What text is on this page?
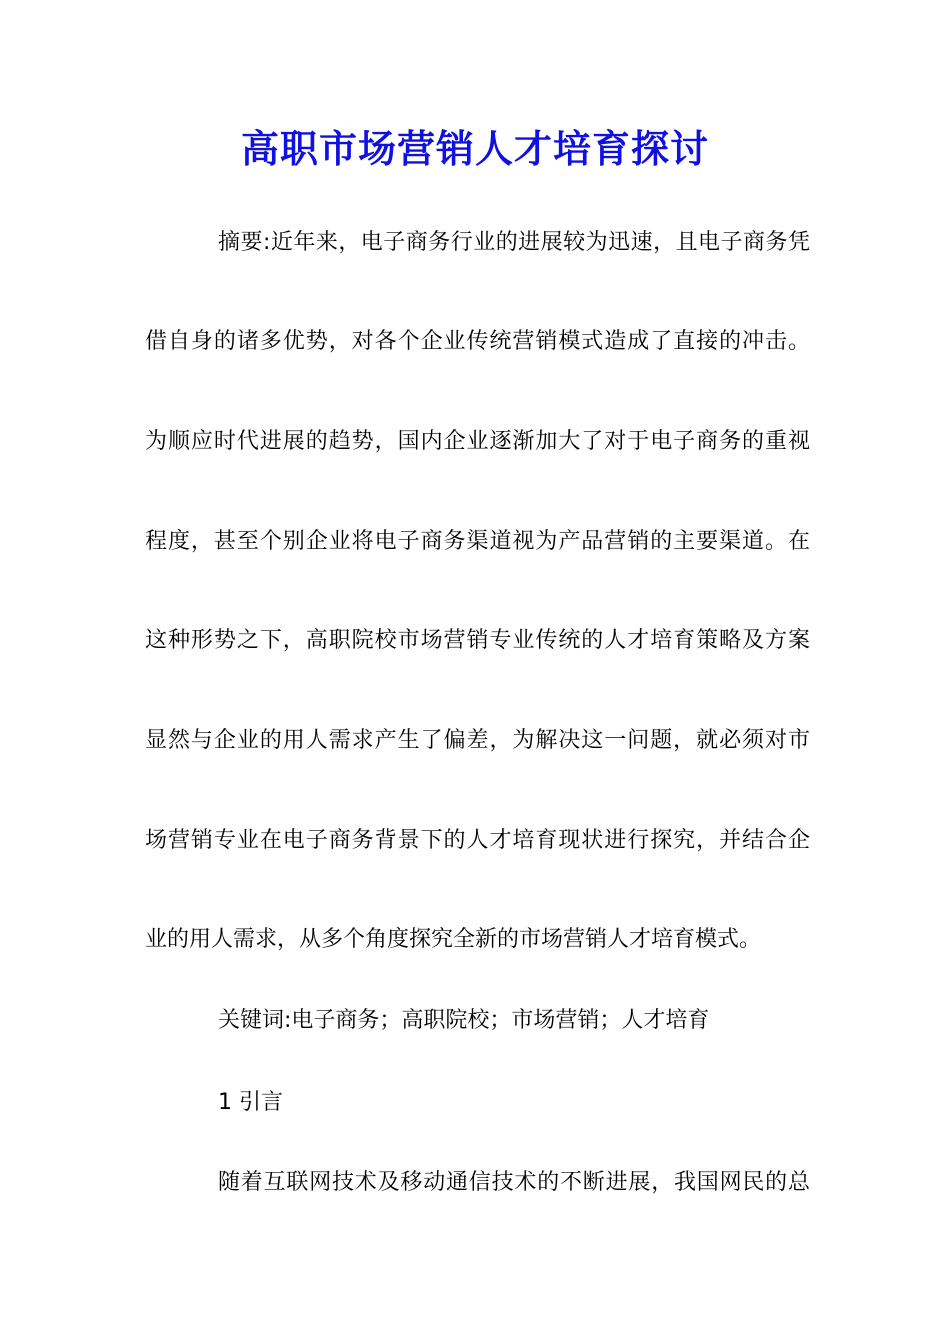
高职市场营销人才培育探讨
摘要:近年来，电子商务行业的进展较为迅速，且电子商务凭
借自身的诸多优势，对各个企业传统营销模式造成了直接的冲击。
为顺应时代进展的趋势，国内企业逐渐加大了对于电子商务的重视
程度，甚至个别企业将电子商务渠道视为产品营销的主要渠道。在
这种形势之下，高职院校市场营销专业传统的人才培育策略及方案
显然与企业的用人需求产生了偏差，为解决这一问题，就必须对市
场营销专业在电子商务背景下的人才培育现状进行探究，并结合企
业的用人需求，从多个角度探究全新的市场营销人才培育模式。
关键词:电子商务；高职院校；市场营销；人才培育
1 引言
随着互联网技术及移动通信技术的不断进展，我国网民的总
